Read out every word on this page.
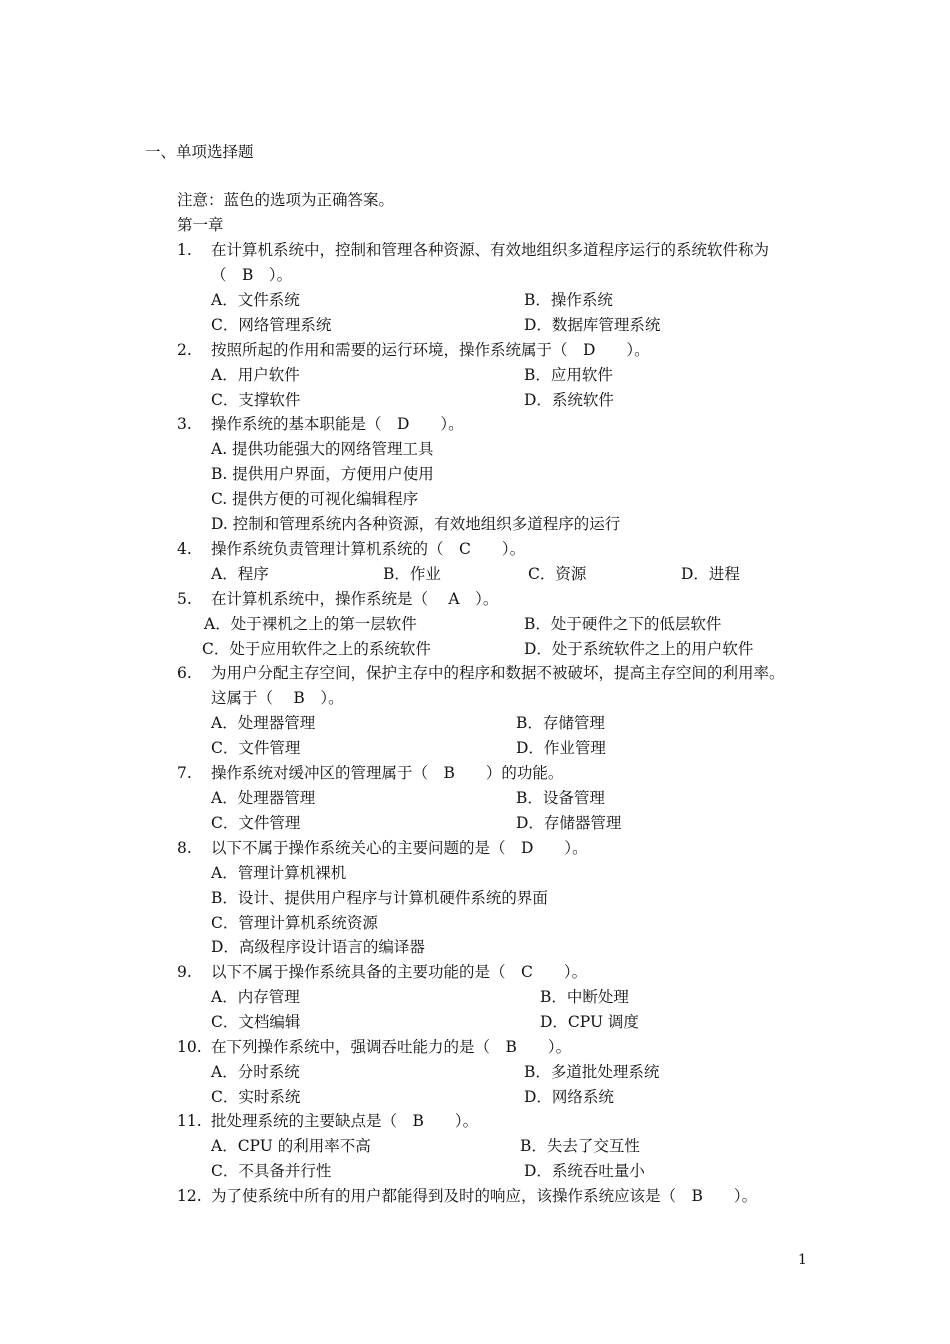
一、单项选择题
注意：蓝色的选项为正确答案。
第一章
1. 在计算机系统中，控制和管理各种资源、有效地组织多道程序运行的系统软件称为
（　B　）。
A．文件系统	B．操作系统
C．网络管理系统	D．数据库管理系统
2. 按照所起的作用和需要的运行环境，操作系统属于（　D　　）。
A．用户软件	B．应用软件
C．支撑软件	D．系统软件
3. 操作系统的基本职能是（　D　　）。
A. 提供功能强大的网络管理工具
B. 提供用户界面，方便用户使用
C. 提供方便的可视化编辑程序
D. 控制和管理系统内各种资源，有效地组织多道程序的运行
4. 操作系统负责管理计算机系统的（　C　　）。
A．程序	B．作业	C．资源	D．进程
5. 在计算机系统中，操作系统是（　 A　）。
A．处于裸机之上的第一层软件	B．处于硬件之下的低层软件
C．处于应用软件之上的系统软件	D．处于系统软件之上的用户软件
6. 为用户分配主存空间，保护主存中的程序和数据不被破坏，提高主存空间的利用率。
这属于（　 B　）。
A．处理器管理	B．存储管理
C．文件管理	D．作业管理
7. 操作系统对缓冲区的管理属于（　B　　）的功能。
A．处理器管理	B．设备管理
C．文件管理	D．存储器管理
8. 以下不属于操作系统关心的主要问题的是（　D　　）。
A．管理计算机裸机
B．设计、提供用户程序与计算机硬件系统的界面
C．管理计算机系统资源
D．高级程序设计语言的编译器
9. 以下不属于操作系统具备的主要功能的是（　C　　）。
A．内存管理	B．中断处理
C．文档编辑	D．CPU 调度
10. 在下列操作系统中，强调吞吐能力的是（　B　　）。
A．分时系统	B．多道批处理系统
C．实时系统	D．网络系统
11. 批处理系统的主要缺点是（　B　　）。
A．CPU 的利用率不高	B．失去了交互性
C．不具备并行性	D．系统吞吐量小
12. 为了使系统中所有的用户都能得到及时的响应，该操作系统应该是（　B　　）。
1
